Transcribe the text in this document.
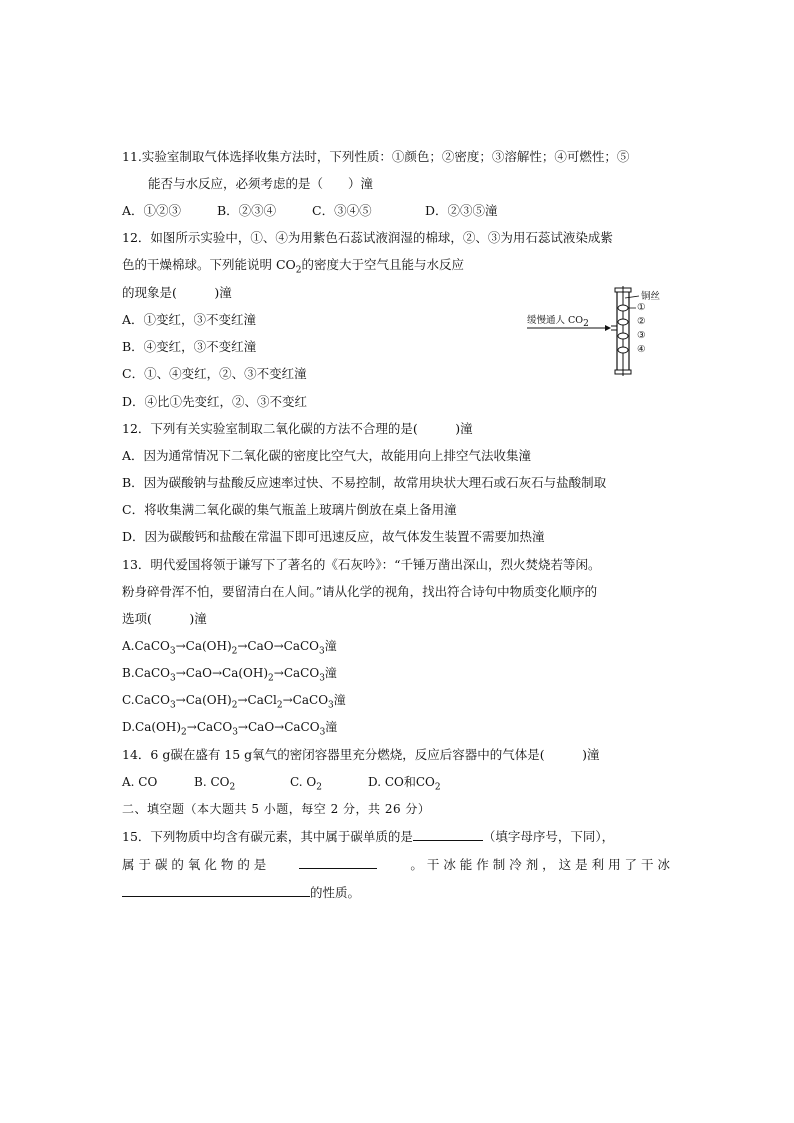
11.实验室制取气体选择收集方法时，下列性质：①颜色；②密度；③溶解性；④可燃性；⑤
能否与水反应，必须考虑的是（　　）潼
A．①②③	B．②③④	C．③④⑤	D．②③⑤潼
12．如图所示实验中，①、④为用紫色石蕊试液润湿的棉球，②、③为用石蕊试液染成紫
色的干燥棉球。下列能说明 $CO_2$的密度大于空气且能与水反应
的现象是(　　　)潼
A．①变红，③不变红潼
B．④变红，③不变红潼
C．①、④变红，②、③不变红潼
D．④比①先变红，②、③不变红
缓慢通人 $CO_2$
铜丝
①
②
③
④
12．下列有关实验室制取二氧化碳的方法不合理的是(　　　)潼
A．因为通常情况下二氧化碳的密度比空气大，故能用向上排空气法收集潼
B．因为碳酸钠与盐酸反应速率过快、不易控制，故常用块状大理石或石灰石与盐酸制取
C．将收集满二氧化碳的集气瓶盖上玻璃片倒放在桌上备用潼
D．因为碳酸钙和盐酸在常温下即可迅速反应，故气体发生装置不需要加热潼
13．明代爱国将领于谦写下了著名的《石灰吟》：“千锤万凿出深山，烈火焚烧若等闲。
粉身碎骨浑不怕，要留清白在人间。”请从化学的视角，找出符合诗句中物质变化顺序的
选项(　　　)潼
$A.CaCO_3\to Ca(OH)_2\to CaO\to CaCO_3$潼
$B.CaCO_3\to CaO\to Ca(OH)_2\to CaCO_3$潼
$C.CaCO_3\to Ca(OH)_2\to CaCl_2\to CaCO_3$潼
$D.Ca(OH)_2\to CaCO_3\to CaO\to CaCO_3$潼
14．6 g碳在盛有 15 g氧气的密闭容器里充分燃烧，反应后容器中的气体是(　　　)潼
A. CO	B. $CO_2$	C. $O_2$	D. CO和$CO_2$
二、填空题（本大题共 5 小题，每空 2 分，共 26 分）
15．下列物质中均含有碳元素，其中属于碳单质的是	（填字母序号，下同），
属 于 碳 的 氧 化 物 的 是	。 干 冰 能 作 制 冷 剂 ， 这 是 利 用 了 干 冰
的性质。
